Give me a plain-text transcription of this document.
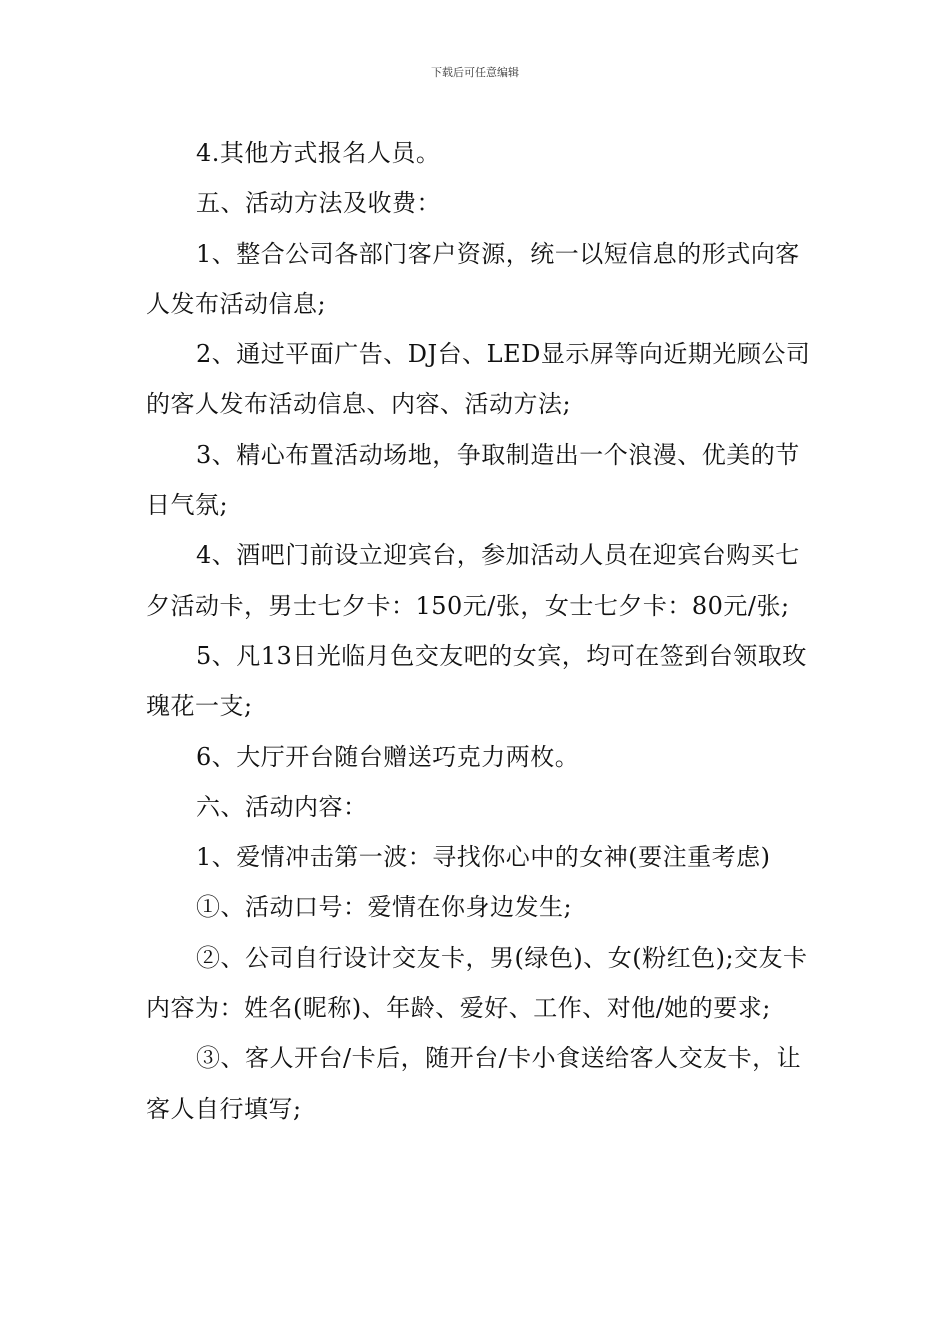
下载后可任意编辑

4.其他方式报名人员。

五、活动方法及收费：

1、整合公司各部门客户资源，统一以短信息的形式向客人发布活动信息;

2、通过平面广告、DJ台、LED显示屏等向近期光顾公司的客人发布活动信息、内容、活动方法;

3、精心布置活动场地，争取制造出一个浪漫、优美的节日气氛;

4、酒吧门前设立迎宾台，参加活动人员在迎宾台购买七夕活动卡，男士七夕卡：150元/张，女士七夕卡：80元/张;

5、凡13日光临月色交友吧的女宾，均可在签到台领取玫瑰花一支;

6、大厅开台随台赠送巧克力两枚。

六、活动内容：

1、爱情冲击第一波：寻找你心中的女神(要注重考虑)

①、活动口号：爱情在你身边发生;

②、公司自行设计交友卡，男(绿色)、女(粉红色);交友卡内容为：姓名(昵称)、年龄、爱好、工作、对他/她的要求;

③、客人开台/卡后，随开台/卡小食送给客人交友卡，让客人自行填写;
